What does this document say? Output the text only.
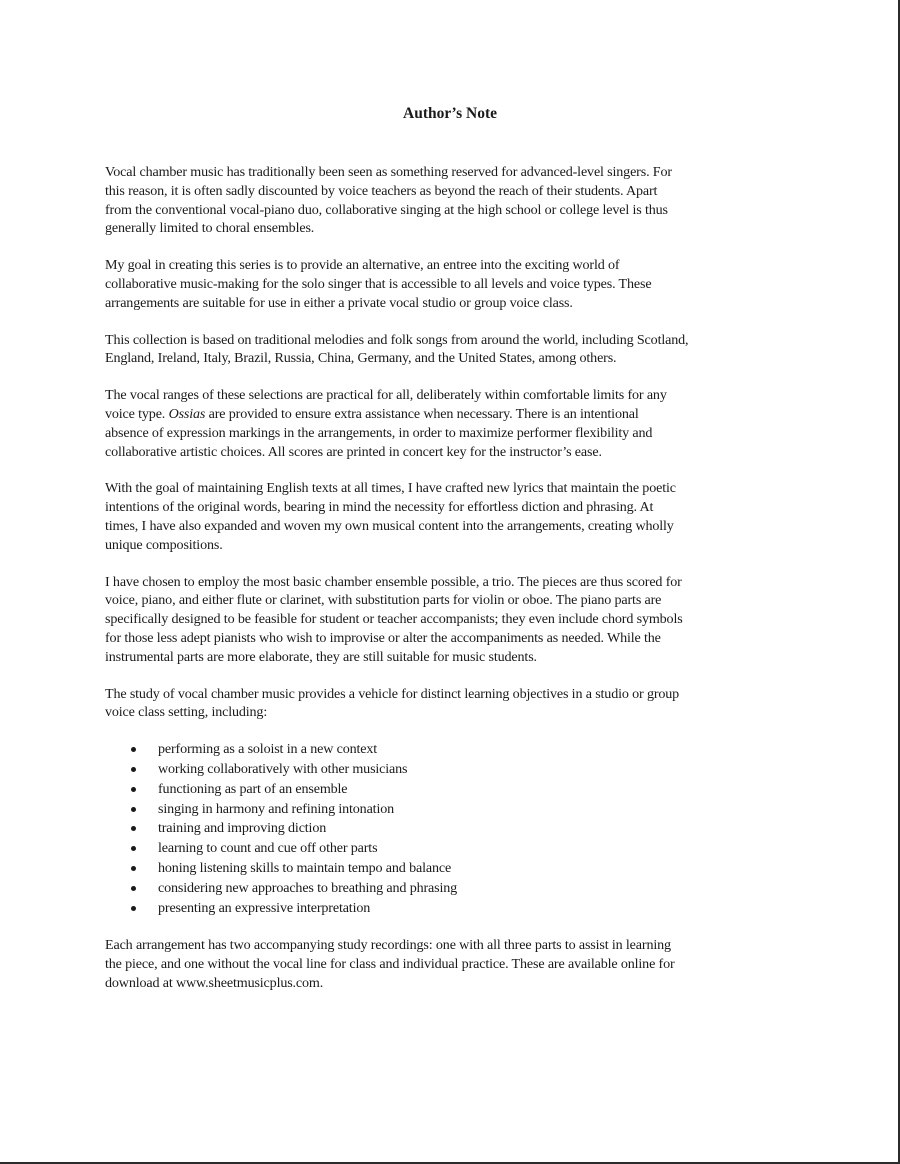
Author’s Note

Vocal chamber music has traditionally been seen as something reserved for advanced-level singers. For
this reason, it is often sadly discounted by voice teachers as beyond the reach of their students. Apart
from the conventional vocal-piano duo, collaborative singing at the high school or college level is thus
generally limited to choral ensembles.

My goal in creating this series is to provide an alternative, an entree into the exciting world of
collaborative music-making for the solo singer that is accessible to all levels and voice types. These
arrangements are suitable for use in either a private vocal studio or group voice class.

This collection is based on traditional melodies and folk songs from around the world, including Scotland,
England, Ireland, Italy, Brazil, Russia, China, Germany, and the United States, among others.

The vocal ranges of these selections are practical for all, deliberately within comfortable limits for any
voice type. Ossias are provided to ensure extra assistance when necessary. There is an intentional
absence of expression markings in the arrangements, in order to maximize performer flexibility and
collaborative artistic choices. All scores are printed in concert key for the instructor’s ease.

With the goal of maintaining English texts at all times, I have crafted new lyrics that maintain the poetic
intentions of the original words, bearing in mind the necessity for effortless diction and phrasing. At
times, I have also expanded and woven my own musical content into the arrangements, creating wholly
unique compositions.

I have chosen to employ the most basic chamber ensemble possible, a trio. The pieces are thus scored for
voice, piano, and either flute or clarinet, with substitution parts for violin or oboe. The piano parts are
specifically designed to be feasible for student or teacher accompanists; they even include chord symbols
for those less adept pianists who wish to improvise or alter the accompaniments as needed. While the
instrumental parts are more elaborate, they are still suitable for music students.

The study of vocal chamber music provides a vehicle for distinct learning objectives in a studio or group
voice class setting, including:

performing as a soloist in a new context
working collaboratively with other musicians
functioning as part of an ensemble
singing in harmony and refining intonation
training and improving diction
learning to count and cue off other parts
honing listening skills to maintain tempo and balance
considering new approaches to breathing and phrasing
presenting an expressive interpretation

Each arrangement has two accompanying study recordings: one with all three parts to assist in learning
the piece, and one without the vocal line for class and individual practice. These are available online for
download at www.sheetmusicplus.com.
